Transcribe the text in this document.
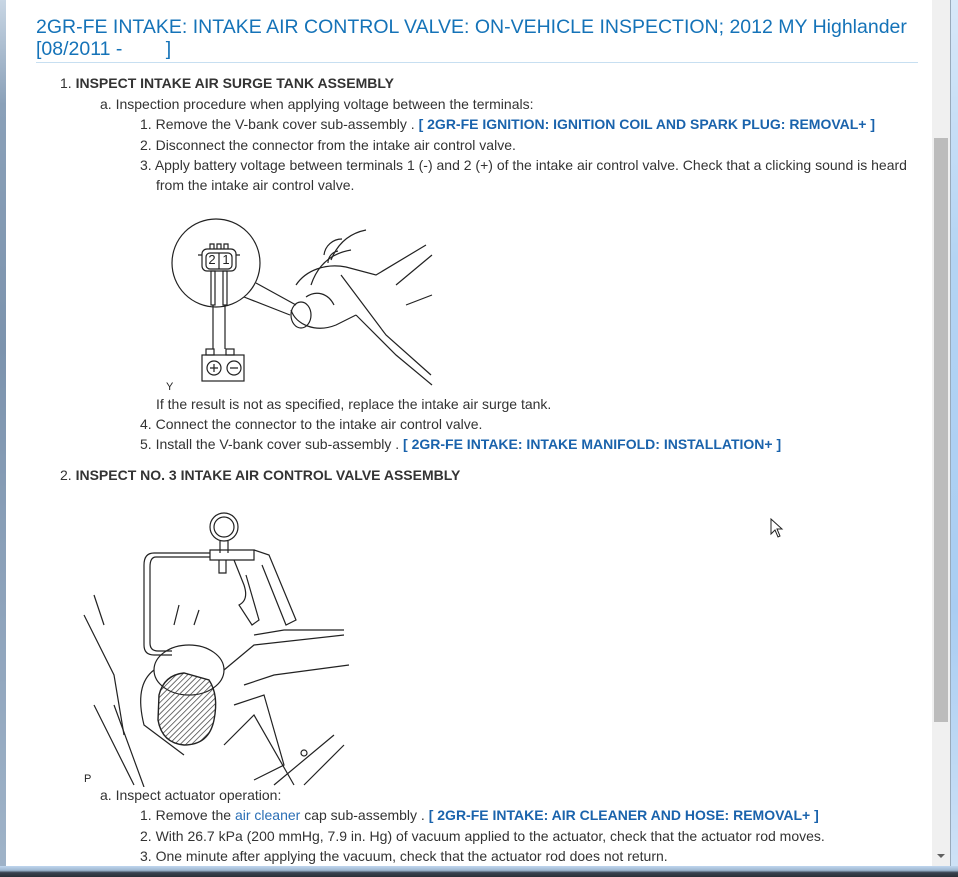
2GR-FE INTAKE: INTAKE AIR CONTROL VALVE: ON-VEHICLE INSPECTION; 2012 MY Highlander
[08/2011 -        ]
1. INSPECT INTAKE AIR SURGE TANK ASSEMBLY
a. Inspection procedure when applying voltage between the terminals:
1. Remove the V-bank cover sub-assembly . [ 2GR-FE IGNITION: IGNITION COIL AND SPARK PLUG: REMOVAL+ ]
2. Disconnect the connector from the intake air control valve.
3. Apply battery voltage between terminals 1 (-) and 2 (+) of the intake air control valve. Check that a clicking sound is heard
from the intake air control valve.
Y
2 1
If the result is not as specified, replace the intake air surge tank.
4. Connect the connector to the intake air control valve.
5. Install the V-bank cover sub-assembly . [ 2GR-FE INTAKE: INTAKE MANIFOLD: INSTALLATION+ ]
2. INSPECT NO. 3 INTAKE AIR CONTROL VALVE ASSEMBLY
P
a. Inspect actuator operation:
1. Remove the air cleaner cap sub-assembly . [ 2GR-FE INTAKE: AIR CLEANER AND HOSE: REMOVAL+ ]
2. With 26.7 kPa (200 mmHg, 7.9 in. Hg) of vacuum applied to the actuator, check that the actuator rod moves.
3. One minute after applying the vacuum, check that the actuator rod does not return.
